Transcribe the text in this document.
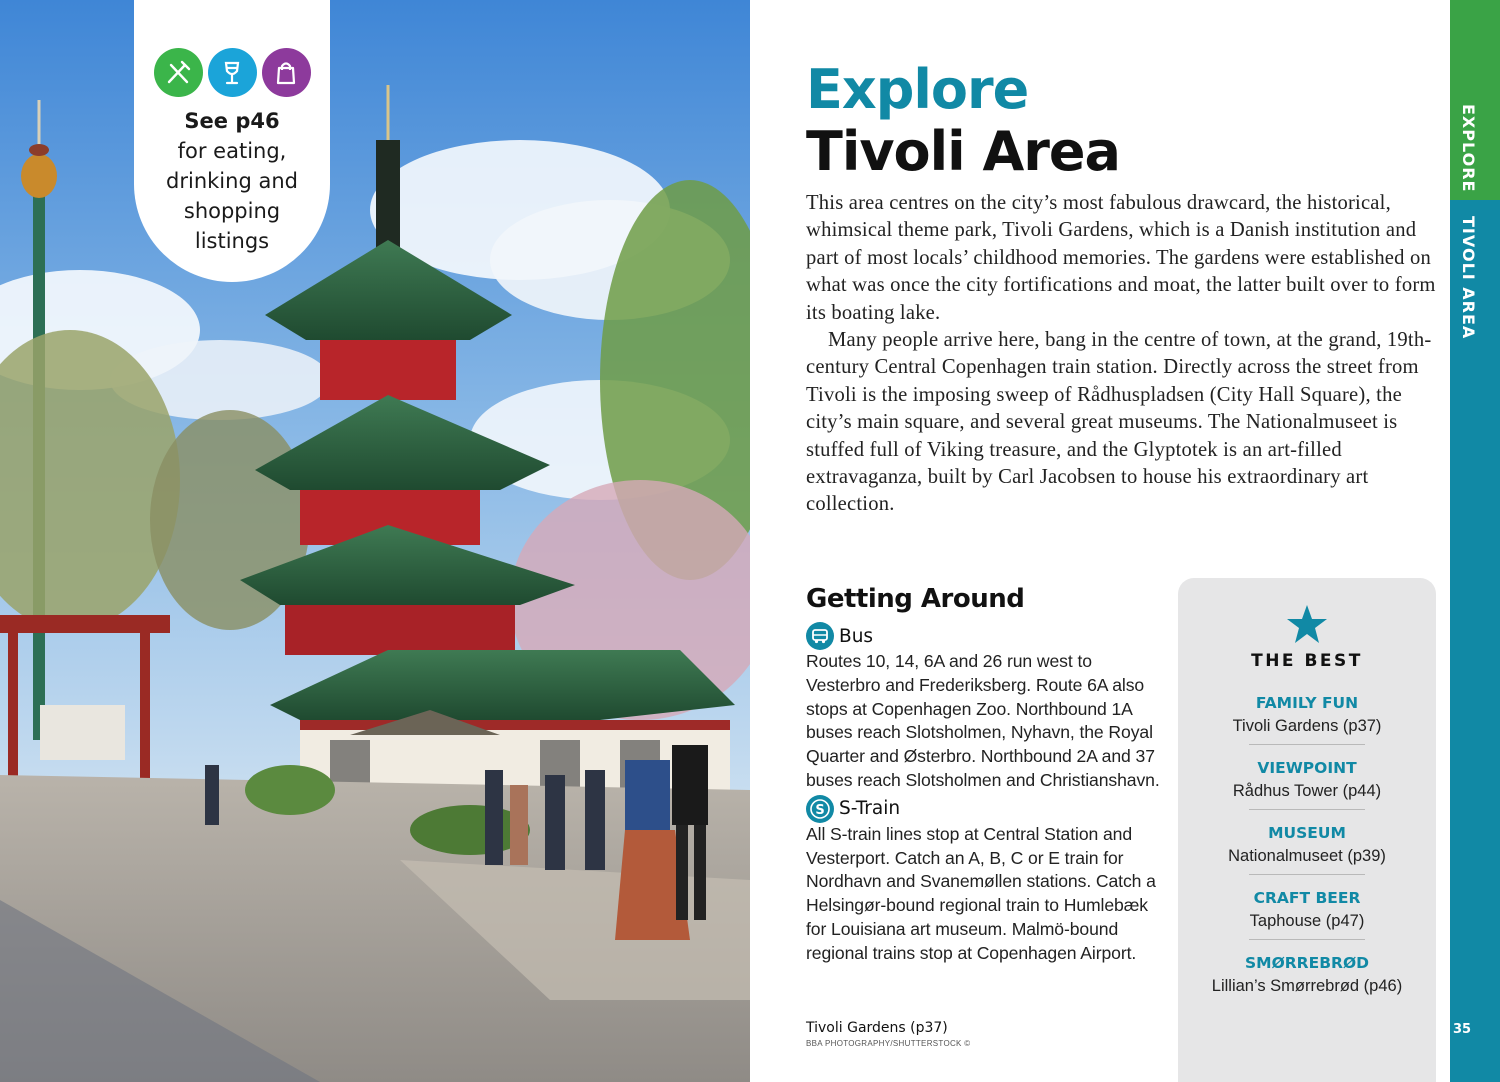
See p46
for eating, drinking and shopping listings
Explore
Tivoli Area

This area centres on the city’s most fabulous drawcard, the historical, whimsical theme park, Tivoli Gardens, which is a Danish institution and part of most locals’ childhood memories. The gardens were established on what was once the city fortifications and moat, the latter built over to form its boating lake.

Many people arrive here, bang in the centre of town, at the grand, 19th-century Central Copenhagen train station. Directly across the street from Tivoli is the imposing sweep of Rådhuspladsen (City Hall Square), the city’s main square, and several great museums. The Nationalmuseet is stuffed full of Viking treasure, and the Glyptotek is an art-filled extravaganza, built by Carl Jacobsen to house his extraordinary art collection.

Getting Around
Bus

Routes 10, 14, 6A and 26 run west to Vesterbro and Frederiksberg. Route 6A also stops at Copenhagen Zoo. Northbound 1A buses reach Slotsholmen, Nyhavn, the Royal Quarter and Østerbro. Northbound 2A and 37 buses reach Slotsholmen and Christianshavn.

S S-Train

All S-train lines stop at Central Station and Vesterport. Catch an A, B, C or E train for Nordhavn and Svanemøllen stations. Catch a Helsingør-bound regional train to Humlebæk for Louisiana art museum. Malmö-bound regional trains stop at Copenhagen Airport.

Tivoli Gardens (p37)
BBA PHOTOGRAPHY/SHUTTERSTOCK ©
THE BEST
FAMILY FUN
Tivoli Gardens (p37)
VIEWPOINT
Rådhus Tower (p44)
MUSEUM
Nationalmuseet (p39)
CRAFT BEER
Taphouse (p47)
SMØRREBRØD
Lillian’s Smørrebrød (p46)
EXPLORE
TIVOLI AREA
35
